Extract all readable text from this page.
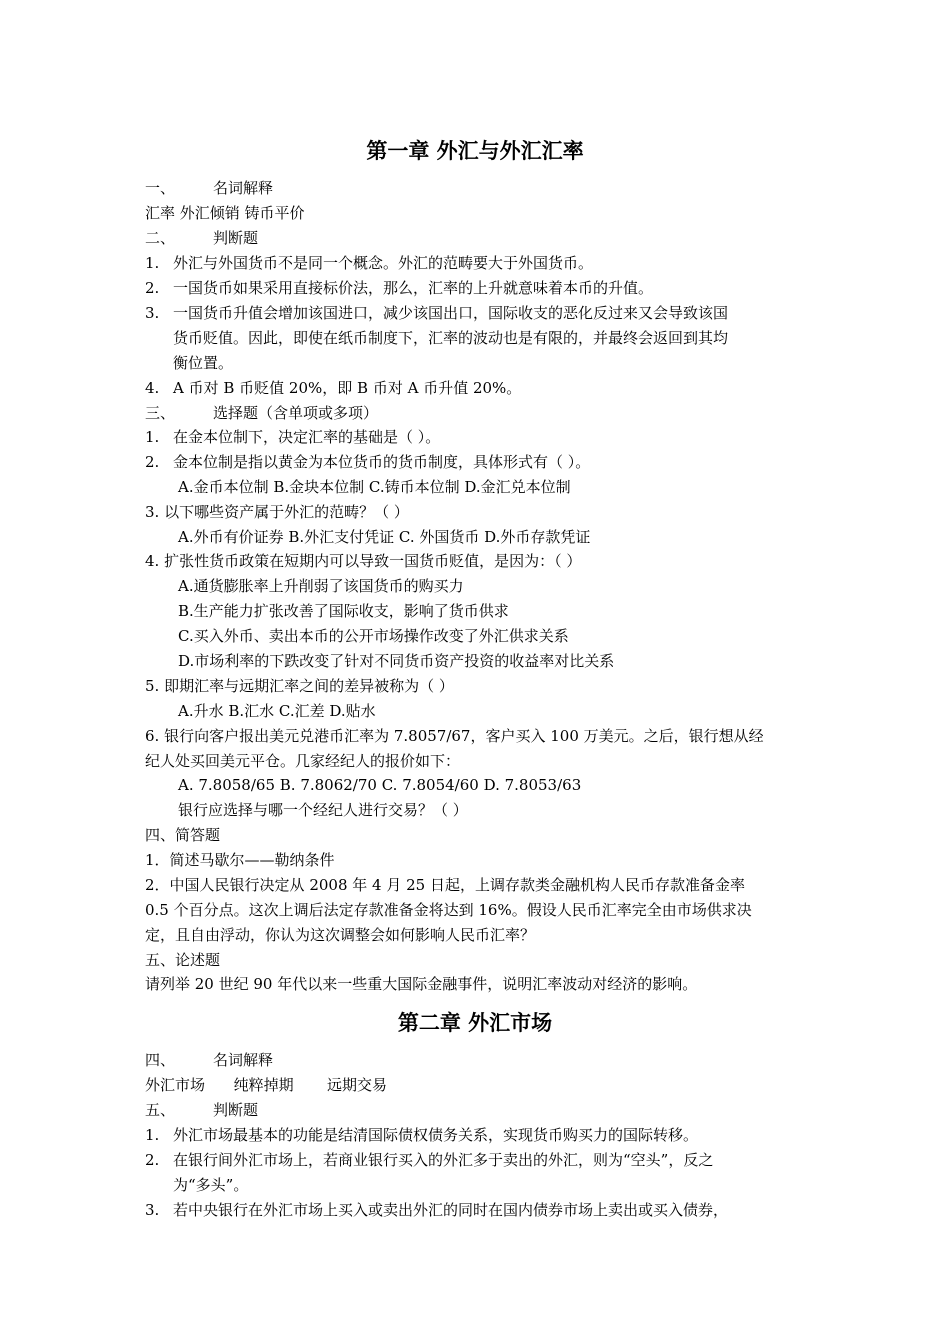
第一章 外汇与外汇汇率
一、	名词解释
汇率 外汇倾销 铸币平价
二、	判断题
1. 外汇与外国货币不是同一个概念。外汇的范畴要大于外国货币。
2. 一国货币如果采用直接标价法，那么，汇率的上升就意味着本币的升值。
3. 一国货币升值会增加该国进口，减少该国出口，国际收支的恶化反过来又会导致该国
货币贬值。因此，即使在纸币制度下，汇率的波动也是有限的，并最终会返回到其均
衡位置。
4. A 币对 B 币贬值 20%，即 B 币对 A 币升值 20%。
三、	选择题（含单项或多项）
1. 在金本位制下，决定汇率的基础是（ ）。
2. 金本位制是指以黄金为本位货币的货币制度，具体形式有（ ）。
A.金币本位制 B.金块本位制 C.铸币本位制 D.金汇兑本位制
3. 以下哪些资产属于外汇的范畴？（ ）
A.外币有价证券 B.外汇支付凭证 C. 外国货币 D.外币存款凭证
4. 扩张性货币政策在短期内可以导致一国货币贬值，是因为：（ ）
A.通货膨胀率上升削弱了该国货币的购买力
B.生产能力扩张改善了国际收支，影响了货币供求
C.买入外币、卖出本币的公开市场操作改变了外汇供求关系
D.市场利率的下跌改变了针对不同货币资产投资的收益率对比关系
5. 即期汇率与远期汇率之间的差异被称为（ ）
A.升水 B.汇水 C.汇差 D.贴水
6. 银行向客户报出美元兑港币汇率为 7.8057/67，客户买入 100 万美元。之后，银行想从经
纪人处买回美元平仓。几家经纪人的报价如下：
A. 7.8058/65 B. 7.8062/70 C. 7.8054/60 D. 7.8053/63
银行应选择与哪一个经纪人进行交易？（ ）
四、简答题
1．简述马歇尔——勒纳条件
2．中国人民银行决定从 2008 年 4 月 25 日起，上调存款类金融机构人民币存款准备金率
0.5 个百分点。这次上调后法定存款准备金将达到 16%。假设人民币汇率完全由市场供求决
定，且自由浮动，你认为这次调整会如何影响人民币汇率？
五、论述题
请列举 20 世纪 90 年代以来一些重大国际金融事件，说明汇率波动对经济的影响。
第二章 外汇市场
四、	名词解释
外汇市场      纯粹掉期       远期交易
五、	判断题
1. 外汇市场最基本的功能是结清国际债权债务关系，实现货币购买力的国际转移。
2. 在银行间外汇市场上，若商业银行买入的外汇多于卖出的外汇，则为“空头”，反之
为“多头”。
3. 若中央银行在外汇市场上买入或卖出外汇的同时在国内债券市场上卖出或买入债券，
